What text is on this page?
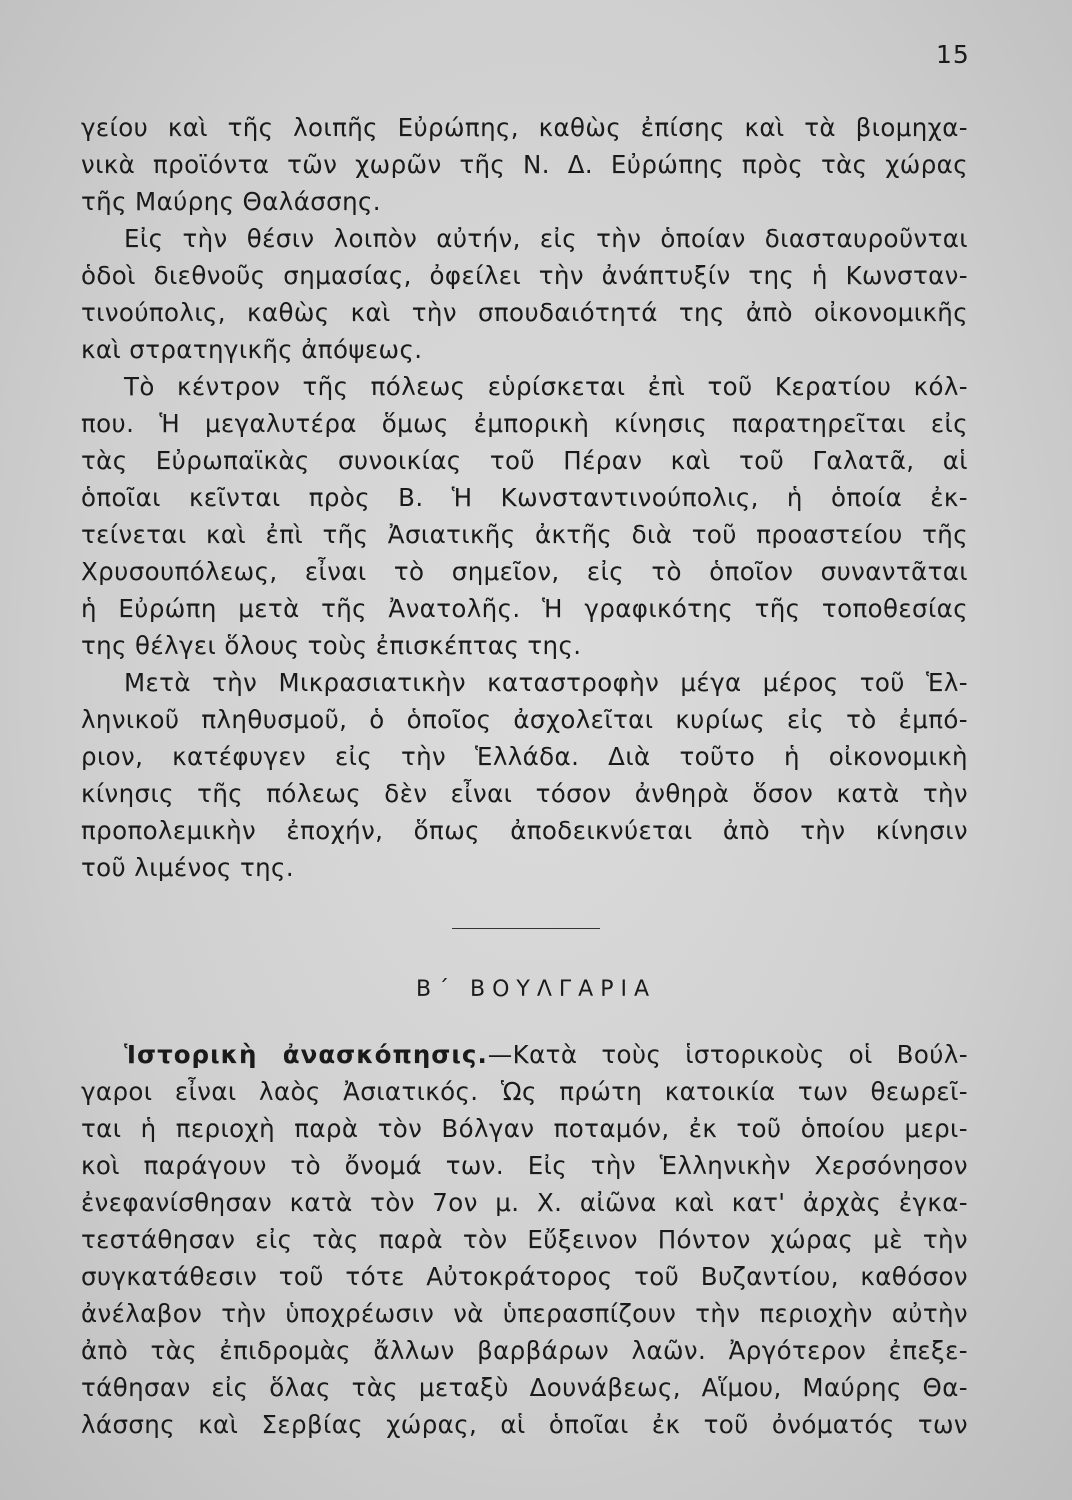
15
γείου καὶ τῆς λοιπῆς Εὐρώπης, καθὼς ἐπίσης καὶ τὰ βιομηχα-
νικὰ προϊόντα τῶν χωρῶν τῆς Ν. Δ. Εὐρώπης πρὸς τὰς χώρας
τῆς Μαύρης Θαλάσσης.
Εἰς τὴν θέσιν λοιπὸν αὐτήν, εἰς τὴν ὁποίαν διασταυροῦνται
ὁδοὶ διεθνοῦς σημασίας, ὀφείλει τὴν ἀνάπτυξίν της ἡ Κωνσταν-
τινούπολις, καθὼς καὶ τὴν σπουδαιότητά της ἀπὸ οἰκονομικῆς
καὶ στρατηγικῆς ἀπόψεως.
Τὸ κέντρον τῆς πόλεως εὑρίσκεται ἐπὶ τοῦ Κερατίου κόλ-
που. Ἡ μεγαλυτέρα ὅμως ἐμπορικὴ κίνησις παρατηρεῖται εἰς
τὰς Εὐρωπαϊκὰς συνοικίας τοῦ Πέραν καὶ τοῦ Γαλατᾶ, αἱ
ὁποῖαι κεῖνται πρὸς Β. Ἡ Κωνσταντινούπολις, ἡ ὁποία ἐκ-
τείνεται καὶ ἐπὶ τῆς Ἀσιατικῆς ἀκτῆς διὰ τοῦ προαστείου τῆς
Χρυσουπόλεως, εἶναι τὸ σημεῖον, εἰς τὸ ὁποῖον συναντᾶται
ἡ Εὐρώπη μετὰ τῆς Ἀνατολῆς. Ἡ γραφικότης τῆς τοποθεσίας
της θέλγει ὅλους τοὺς ἐπισκέπτας της.
Μετὰ τὴν Μικρασιατικὴν καταστροφὴν μέγα μέρος τοῦ Ἑλ-
ληνικοῦ πληθυσμοῦ, ὁ ὁποῖος ἀσχολεῖται κυρίως εἰς τὸ ἐμπό-
ριον, κατέφυγεν εἰς τὴν Ἑλλάδα. Διὰ τοῦτο ἡ οἰκονομικὴ
κίνησις τῆς πόλεως δὲν εἶναι τόσον ἀνθηρὰ ὅσον κατὰ τὴν
προπολεμικὴν ἐποχήν, ὅπως ἀποδεικνύεται ἀπὸ τὴν κίνησιν
τοῦ λιμένος της.
Β΄ ΒΟΥΛΓΑΡΙΑ
Ἱστορικὴ ἀνασκόπησις.—Κατὰ τοὺς ἱστορικοὺς οἱ Βούλ-
γαροι εἶναι λαὸς Ἀσιατικός. Ὡς πρώτη κατοικία των θεωρεῖ-
ται ἡ περιοχὴ παρὰ τὸν Βόλγαν ποταμόν, ἐκ τοῦ ὁποίου μερι-
κοὶ παράγουν τὸ ὄνομά των. Εἰς τὴν Ἑλληνικὴν Χερσόνησον
ἐνεφανίσθησαν κατὰ τὸν 7ον μ. Χ. αἰῶνα καὶ κατ' ἀρχὰς ἐγκα-
τεστάθησαν εἰς τὰς παρὰ τὸν Εὔξεινον Πόντον χώρας μὲ τὴν
συγκατάθεσιν τοῦ τότε Αὐτοκράτορος τοῦ Βυζαντίου, καθόσον
ἀνέλαβον τὴν ὑποχρέωσιν νὰ ὑπερασπίζουν τὴν περιοχὴν αὐτὴν
ἀπὸ τὰς ἐπιδρομὰς ἄλλων βαρβάρων λαῶν. Ἀργότερον ἐπεξε-
τάθησαν εἰς ὅλας τὰς μεταξὺ Δουνάβεως, Αἵμου, Μαύρης Θα-
λάσσης καὶ Σερβίας χώρας, αἱ ὁποῖαι ἐκ τοῦ ὀνόματός των
